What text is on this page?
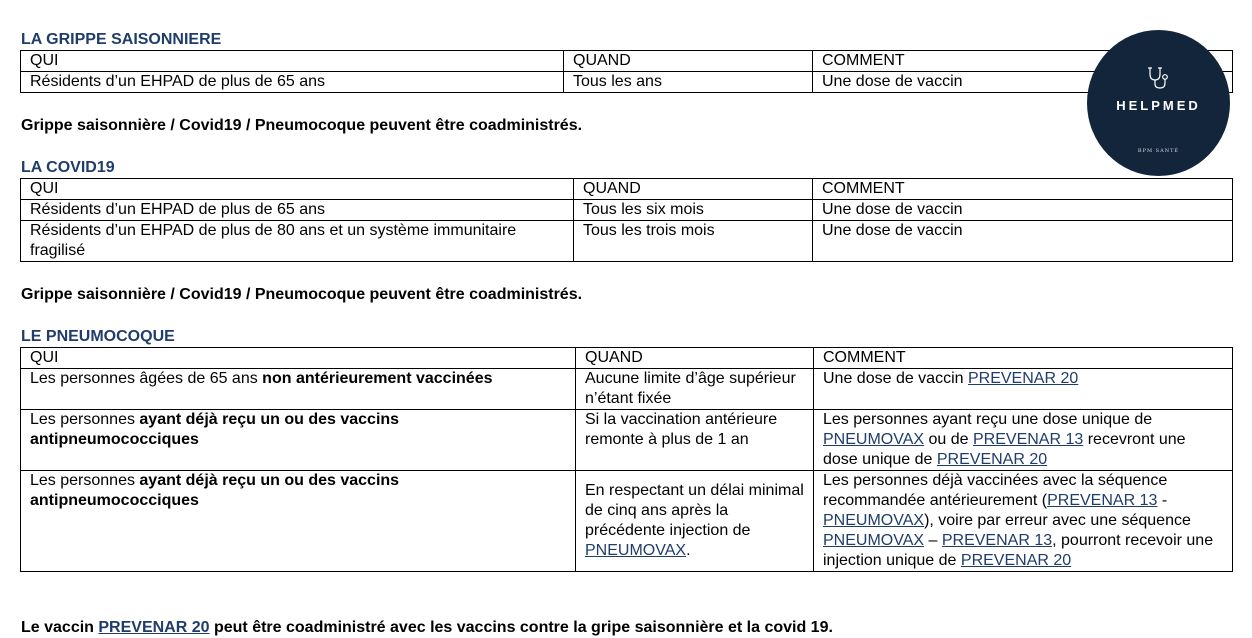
LA GRIPPE SAISONNIERE
QUI	QUAND	COMMENT
Résidents d’un EHPAD de plus de 65 ans	Tous les ans	Une dose de vaccin

Grippe saisonnière / Covid19 / Pneumocoque peuvent être coadministrés.

LA COVID19
QUI	QUAND	COMMENT
Résidents d’un EHPAD de plus de 65 ans	Tous les six mois	Une dose de vaccin
Résidents d’un EHPAD de plus de 80 ans et un système immunitaire fragilisé	Tous les trois mois	Une dose de vaccin

Grippe saisonnière / Covid19 / Pneumocoque peuvent être coadministrés.

LE PNEUMOCOQUE
QUI	QUAND	COMMENT
Les personnes âgées de 65 ans non antérieurement vaccinées	Aucune limite d’âge supérieur n’étant fixée	Une dose de vaccin PREVENAR 20
Les personnes ayant déjà reçu un ou des vaccins antipneumococciques	Si la vaccination antérieure remonte à plus de 1 an	Les personnes ayant reçu une dose unique de PNEUMOVAX ou de PREVENAR 13 recevront une dose unique de PREVENAR 20
Les personnes ayant déjà reçu un ou des vaccins antipneumococciques	En respectant un délai minimal de cinq ans après la précédente injection de PNEUMOVAX.	Les personnes déjà vaccinées avec la séquence recommandée antérieurement (PREVENAR 13 - PNEUMOVAX), voire par erreur avec une séquence PNEUMOVAX – PREVENAR 13, pourront recevoir une injection unique de PREVENAR 20

Le vaccin PREVENAR 20 peut être coadministré avec les vaccins contre la gripe saisonnière et la covid 19.

HELPMED
BPM SANTÉ
